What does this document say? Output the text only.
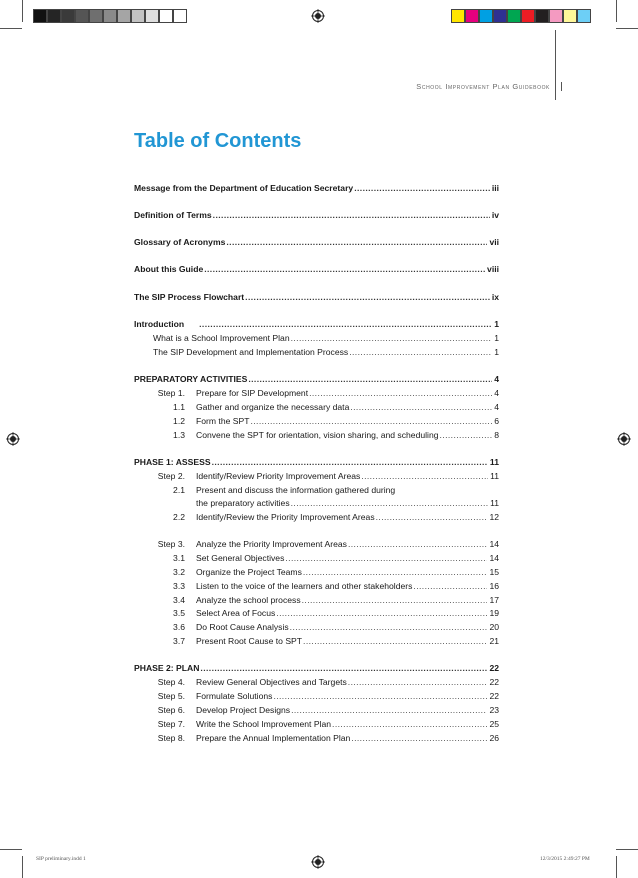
School Improvement Plan Guidebook
Table of Contents
Message from the Department of Education Secretary .....	iii
Definition of Terms .....	iv
Glossary of Acronyms .....	vii
About this Guide .....	viii
The SIP Process Flowchart .....	ix
Introduction .....	1
What is a School Improvement Plan .....	1
The SIP Development and Implementation Process .....	1
PREPARATORY ACTIVITIES .....	4
Step 1. Prepare for SIP Development .....	4
1.1 Gather and organize the necessary data .....	4
1.2 Form the SPT .....	6
1.3 Convene the SPT for orientation, vision sharing, and scheduling .....	8
PHASE 1: ASSESS .....	11
Step 2. Identify/Review Priority Improvement Areas .....	11
2.1 Present and discuss the information gathered during
the preparatory activities .....	11
2.2 Identify/Review the Priority Improvement Areas .....	12
Step 3. Analyze the Priority Improvement Areas .....	14
3.1 Set General Objectives .....	14
3.2 Organize the Project Teams .....	15
3.3 Listen to the voice of the learners and other stakeholders .....	16
3.4 Analyze the school process .....	17
3.5 Select Area of Focus .....	19
3.6 Do Root Cause Analysis .....	20
3.7 Present Root Cause to SPT .....	21
PHASE 2: PLAN .....	22
Step 4. Review General Objectives and Targets .....	22
Step 5. Formulate Solutions .....	22
Step 6. Develop Project Designs .....	23
Step 7. Write the School Improvement Plan .....	25
Step 8. Prepare the Annual Implementation Plan .....	26
SIP preliminary.indd 1	12/3/2015 2:49:27 PM
